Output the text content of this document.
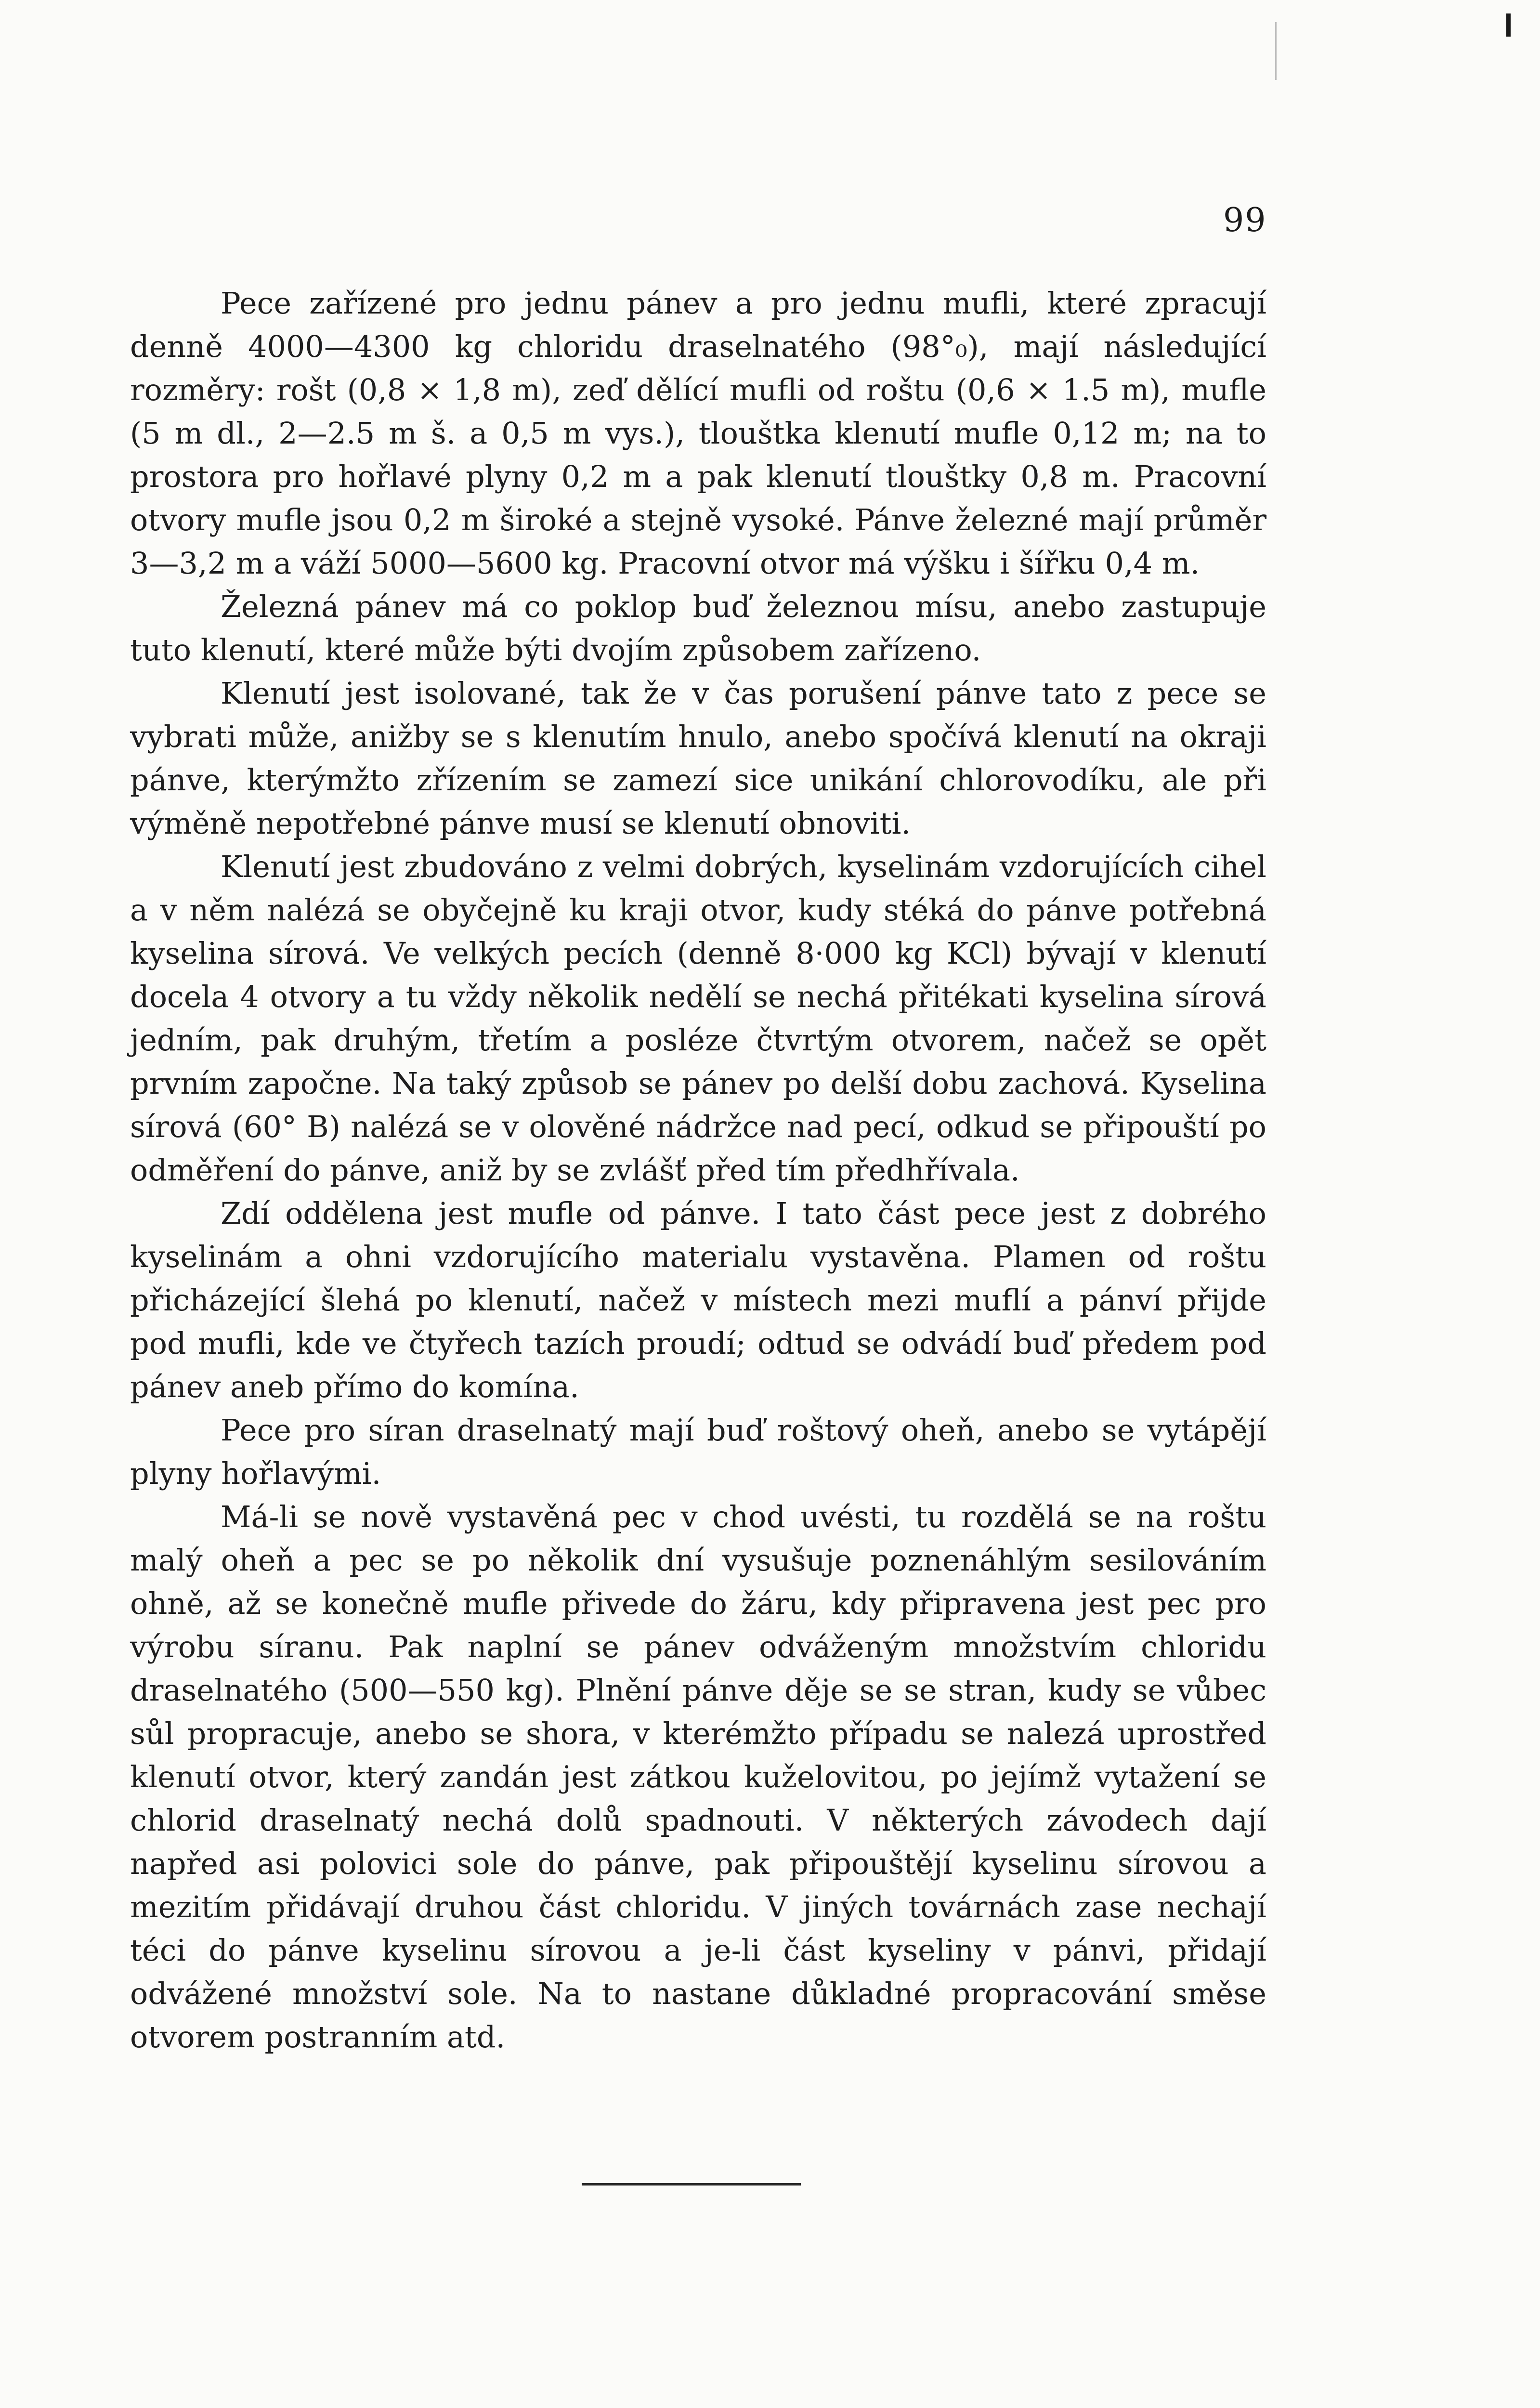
99

Pece zařízené pro jednu pánev a pro jednu mufli, které zpracují denně 4000—4300 kg chloridu draselnatého (98°₀), mají následující rozměry: rošt (0,8 × 1,8 m), zeď dělící mufli od roštu (0,6 × 1.5 m), mufle (5 m dl., 2—2.5 m š. a 0,5 m vys.), tlouštka klenutí mufle 0,12 m; na to prostora pro hořlavé plyny 0,2 m a pak klenutí tlouštky 0,8 m. Pracovní otvory mufle jsou 0,2 m široké a stejně vysoké. Pánve železné mají průměr 3—3,2 m a váží 5000—5600 kg. Pracovní otvor má výšku i šířku 0,4 m.

Železná pánev má co poklop buď železnou mísu, anebo zastupuje tuto klenutí, které může býti dvojím způsobem zařízeno.

Klenutí jest isolované, tak že v čas porušení pánve tato z pece se vybrati může, anižby se s klenutím hnulo, anebo spočívá klenutí na okraji pánve, kterýmžto zřízením se zamezí sice unikání chlorovodíku, ale při výměně nepotřebné pánve musí se klenutí obnoviti.

Klenutí jest zbudováno z velmi dobrých, kyselinám vzdorujících cihel a v něm nalézá se obyčejně ku kraji otvor, kudy stéká do pánve potřebná kyselina sírová. Ve velkých pecích (denně 8·000 kg KCl) bývají v klenutí docela 4 otvory a tu vždy několik nedělí se nechá přitékati kyselina sírová jedním, pak druhým, třetím a posléze čtvrtým otvorem, načež se opět prvním započne. Na taký způsob se pánev po delší dobu zachová. Kyselina sírová (60° B) nalézá se v olověné nádržce nad pecí, odkud se připouští po odměření do pánve, aniž by se zvlášť před tím předhřívala.

Zdí oddělena jest mufle od pánve. I tato část pece jest z dobrého kyselinám a ohni vzdorujícího materialu vystavěna. Plamen od roštu přicházející šlehá po klenutí, načež v místech mezi muflí a pánví přijde pod mufli, kde ve čtyřech tazích proudí; odtud se odvádí buď předem pod pánev aneb přímo do komína.

Pece pro síran draselnatý mají buď roštový oheň, anebo se vytápějí plyny hořlavými.

Má-li se nově vystavěná pec v chod uvésti, tu rozdělá se na roštu malý oheň a pec se po několik dní vysušuje poznenáhlým sesilováním ohně, až se konečně mufle přivede do žáru, kdy připravena jest pec pro výrobu síranu. Pak naplní se pánev odváženým množstvím chloridu draselnatého (500—550 kg). Plnění pánve děje se se stran, kudy se vůbec sůl propracuje, anebo se shora, v kterémžto případu se nalezá uprostřed klenutí otvor, který zandán jest zátkou kuželovitou, po jejímž vytažení se chlorid draselnatý nechá dolů spadnouti. V některých závodech dají napřed asi polovici sole do pánve, pak připouštějí kyselinu sírovou a mezitím přidávají druhou část chloridu. V jiných továrnách zase nechají téci do pánve kyselinu sírovou a je-li část kyseliny v pánvi, přidají odvážené množství sole. Na to nastane důkladné propracování směse otvorem postranním atd.
